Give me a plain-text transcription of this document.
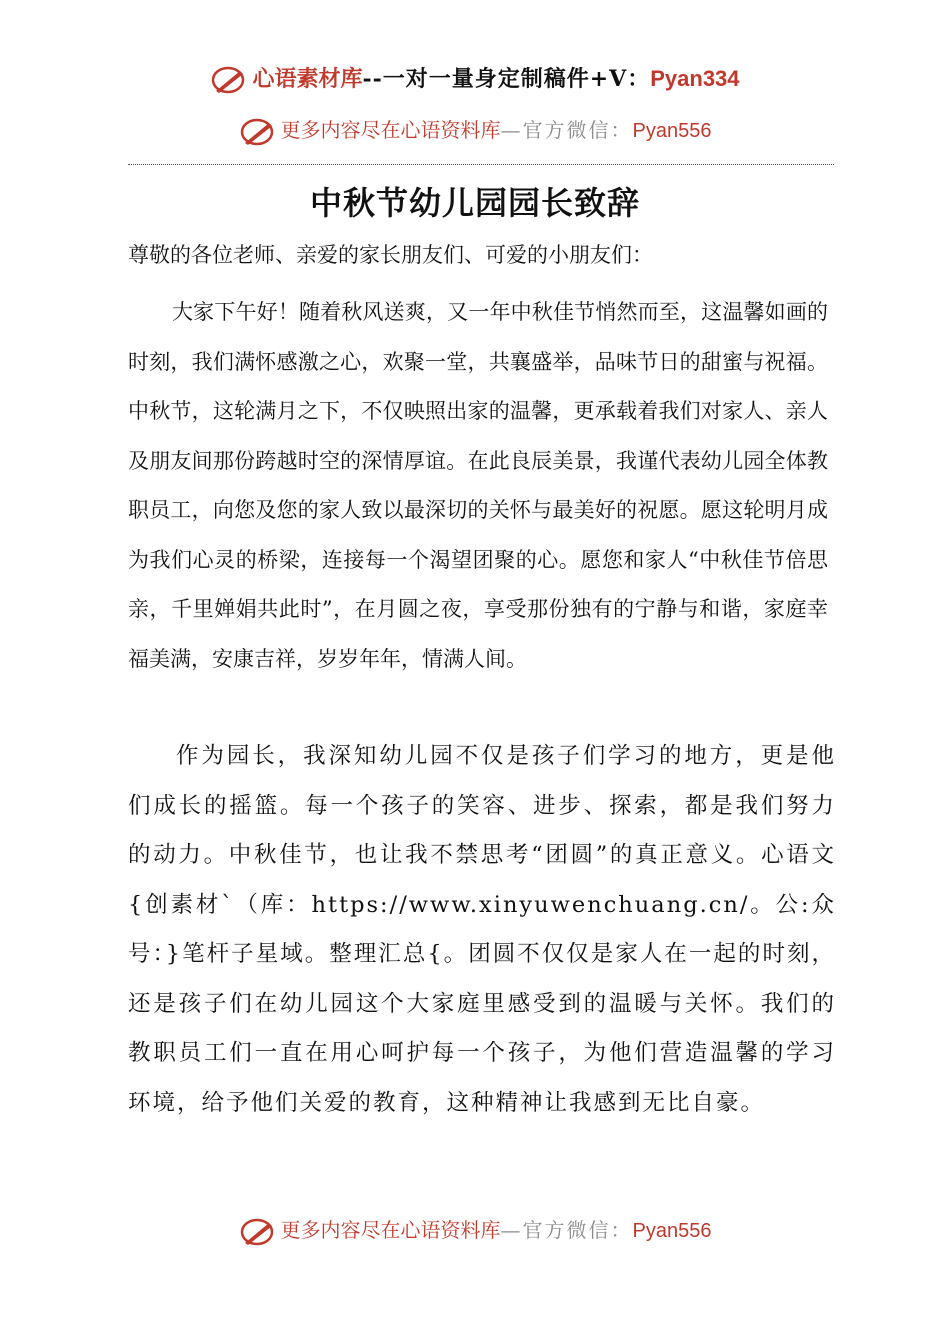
心语素材库--一对一量身定制稿件+V：Pyan334
更多内容尽在心语资料库—官方微信：Pyan556
中秋节幼儿园园长致辞
尊敬的各位老师、亲爱的家长朋友们、可爱的小朋友们：
大家下午好！随着秋风送爽，又一年中秋佳节悄然而至，这温馨如画的时刻，我们满怀感激之心，欢聚一堂，共襄盛举，品味节日的甜蜜与祝福。中秋节，这轮满月之下，不仅映照出家的温馨，更承载着我们对家人、亲人及朋友间那份跨越时空的深情厚谊。在此良辰美景，我谨代表幼儿园全体教职员工，向您及您的家人致以最深切的关怀与最美好的祝愿。愿这轮明月成为我们心灵的桥梁，连接每一个渴望团聚的心。愿您和家人“中秋佳节倍思亲，千里婵娟共此时”，在月圆之夜，享受那份独有的宁静与和谐，家庭幸福美满，安康吉祥，岁岁年年，情满人间。
作为园长，我深知幼儿园不仅是孩子们学习的地方，更是他们成长的摇篮。每一个孩子的笑容、进步、探索，都是我们努力的动力。中秋佳节，也让我不禁思考“团圆”的真正意义。心语文{创素材`（库：https://www.xinyuwenchuang.cn/。公:众号：}笔杆子星域。整理汇总{。团圆不仅仅是家人在一起的时刻，还是孩子们在幼儿园这个大家庭里感受到的温暖与关怀。我们的教职员工们一直在用心呵护每一个孩子，为他们营造温馨的学习环境，给予他们关爱的教育，这种精神让我感到无比自豪。
更多内容尽在心语资料库—官方微信：Pyan556
